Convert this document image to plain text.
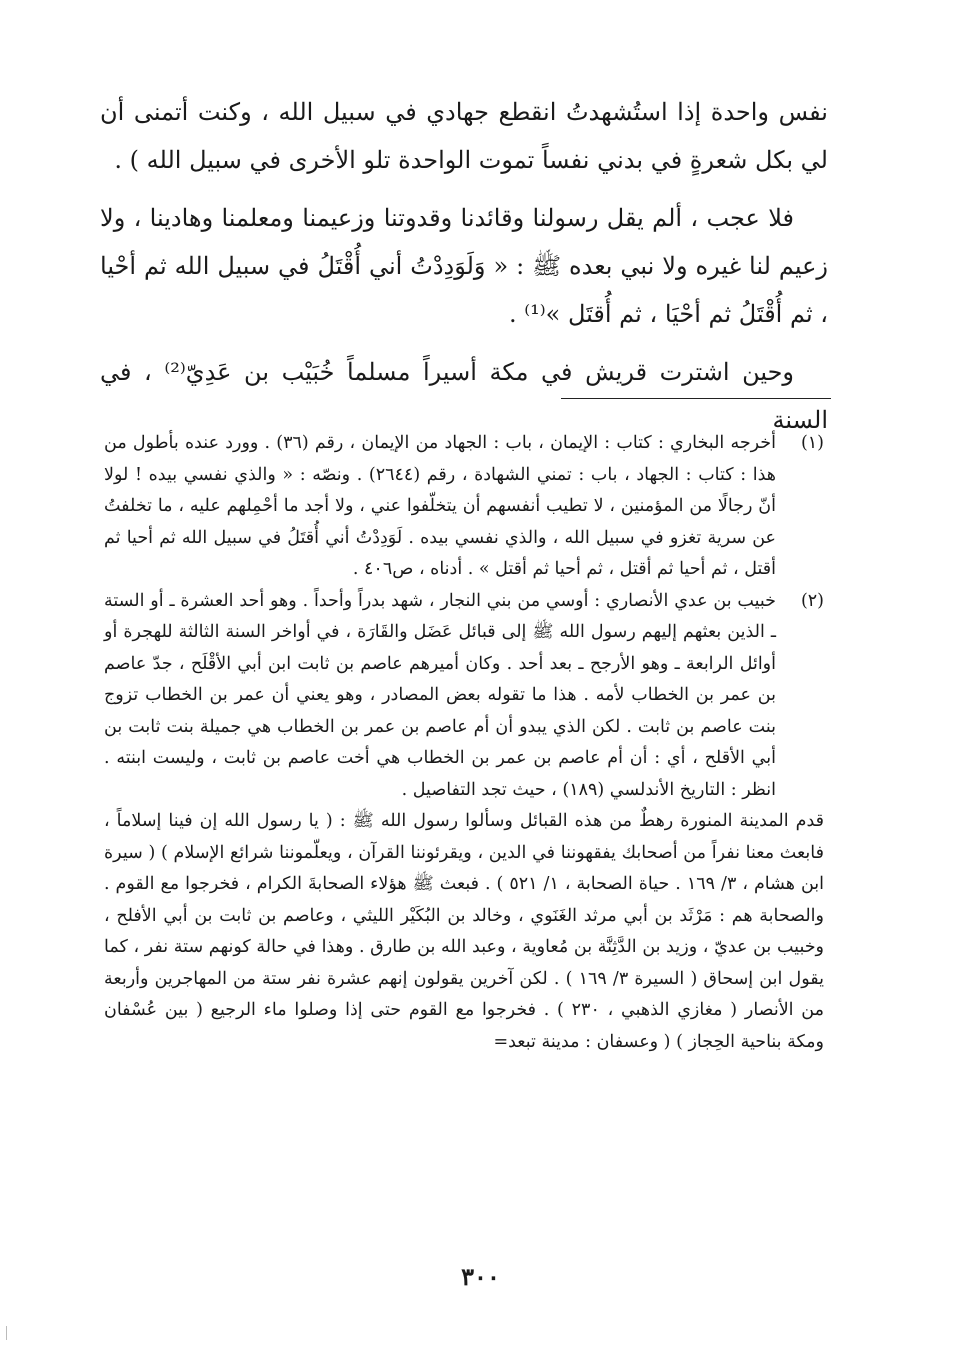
نفس واحدة إذا استُشهدتُ انقطع جهادي في سبيل الله ، وكنت أتمنى أن لي بكل شعرةٍ في بدني نفساً تموت الواحدة تلو الأخرى في سبيل الله ) .

فلا عجب ، ألم يقل رسولنا وقائدنا وقدوتنا وزعيمنا ومعلمنا وهادينا ، ولا زعيم لنا غيره ولا نبي بعده ﷺ : « وَلَوَدِدْتُ أني أُقْتَلُ في سبيل الله ثم أحْيا ، ثم أُقْتَلُ ثم أحْيَا ، ثم أُقتَل »⁽¹⁾ .

وحين اشترت قريش في مكة أسيراً مسلماً خُبَيْب بن عَدِيّ⁽²⁾ ، في السنة

(١)

أخرجه البخاري : كتاب : الإيمان ، باب : الجهاد من الإيمان ، رقم (٣٦) . وورد عنده بأطول من هذا : كتاب : الجهاد ، باب : تمني الشهادة ، رقم (٢٦٤٤) . ونصّه : « والذي نفسي بيده ! لولا أنّ رجالًا من المؤمنين ، لا تطيب أنفسهم أن يتخلّفوا عني ، ولا أجد ما أحْمِلهم عليه ، ما تخلفتُ عن سرية تغزو في سبيل الله ، والذي نفسي بيده . لَوَدِدْتُ أني أُقتَلُ في سبيل الله ثم أحيا ثم أقتل ، ثم أحيا ثم أقتل ، ثم أحيا ثم أقتل » . أدناه ، ص٤٠٦ .

(٢)

خبيب بن عدي الأنصاري : أوسي من بني النجار ، شهد بدراً وأحداً . وهو أحد العشرة ـ أو الستة ـ الذين بعثهم إليهم رسول الله ﷺ إلى قبائل عَضَل والقَارَة ، في أواخر السنة الثالثة للهجرة أو أوائل الرابعة ـ وهو الأرجح ـ بعد أحد . وكان أميرهم عاصم بن ثابت ابن أبي الأقْلَح ، جدّ عاصم بن عمر بن الخطاب لأمه . هذا ما تقوله بعض المصادر ، وهو يعني أن عمر بن الخطاب تزوج بنت عاصم بن ثابت . لكن الذي يبدو أن أم عاصم بن عمر بن الخطاب هي جميلة بنت ثابت بن أبي الأقلح ، أي : أن أم عاصم بن عمر بن الخطاب هي أخت عاصم بن ثابت ، وليست ابنته . انظر : التاريخ الأندلسي (١٨٩) ، حيث تجد التفاصيل .

قدم المدينة المنورة رهطٌ من هذه القبائل وسألوا رسول الله ﷺ : ( يا رسول الله إن فينا إسلاماً ، فابعث معنا نفراً من أصحابك يفقهوننا في الدين ، ويقرئوننا القرآن ، ويعلّموننا شرائع الإسلام ) ( سيرة ابن هشام ، ٣/ ١٦٩ . حياة الصحابة ، ١/ ٥٢١ ) . فبعث ﷺ هؤلاء الصحابةَ الكرام ، فخرجوا مع القوم . والصحابة هم : مَرْثَد بن أبي مرثد الغَنَوي ، وخالد بن البُكَيْر الليثي ، وعاصم بن ثابت بن أبي الأفلح ، وخبيب بن عديّ ، وزيد بن الدَّثِنَّة بن مُعاوية ، وعبد الله بن طارق . وهذا في حالة كونهم ستة نفر ، كما يقول ابن إسحاق ( السيرة ٣/ ١٦٩ ) . لكن آخرين يقولون إنهم عشرة نفر ستة من المهاجرين وأربعة من الأنصار ( مغازي الذهبي ، ٢٣٠ ) . فخرجوا مع القوم حتى إذا وصلوا ماء الرجيع ( بين عُسْفان ومكة بناحية الحِجاز ) ( وعسفان : مدينة تبعد=

٣٠٠
